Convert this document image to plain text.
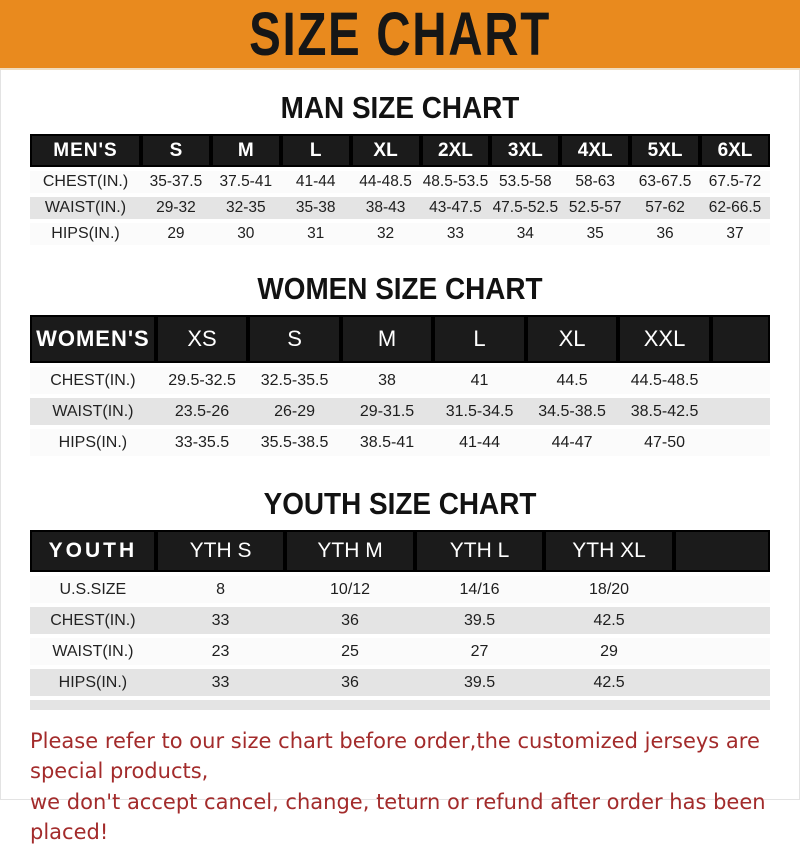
SIZE CHART
MAN SIZE CHART
MEN'S	S	M	L	XL	2XL	3XL	4XL	5XL	6XL
CHEST(IN.)	35-37.5	37.5-41	41-44	44-48.5	48.5-53.5	53.5-58	58-63	63-67.5	67.5-72
WAIST(IN.)	29-32	32-35	35-38	38-43	43-47.5	47.5-52.5	52.5-57	57-62	62-66.5
HIPS(IN.)	29	30	31	32	33	34	35	36	37
WOMEN SIZE CHART
WOMEN'S	XS	S	M	L	XL	XXL	
CHEST(IN.)	29.5-32.5	32.5-35.5	38	41	44.5	44.5-48.5	
WAIST(IN.)	23.5-26	26-29	29-31.5	31.5-34.5	34.5-38.5	38.5-42.5	
HIPS(IN.)	33-35.5	35.5-38.5	38.5-41	41-44	44-47	47-50	
YOUTH SIZE CHART
YOUTH	YTH S	YTH M	YTH L	YTH XL	
U.S.SIZE	8	10/12	14/16	18/20	
CHEST(IN.)	33	36	39.5	42.5	
WAIST(IN.)	23	25	27	29	
HIPS(IN.)	33	36	39.5	42.5	

Please refer to our size chart before order,the customized jerseys are special products,
we don't accept cancel, change, teturn or refund after order has been placed!
